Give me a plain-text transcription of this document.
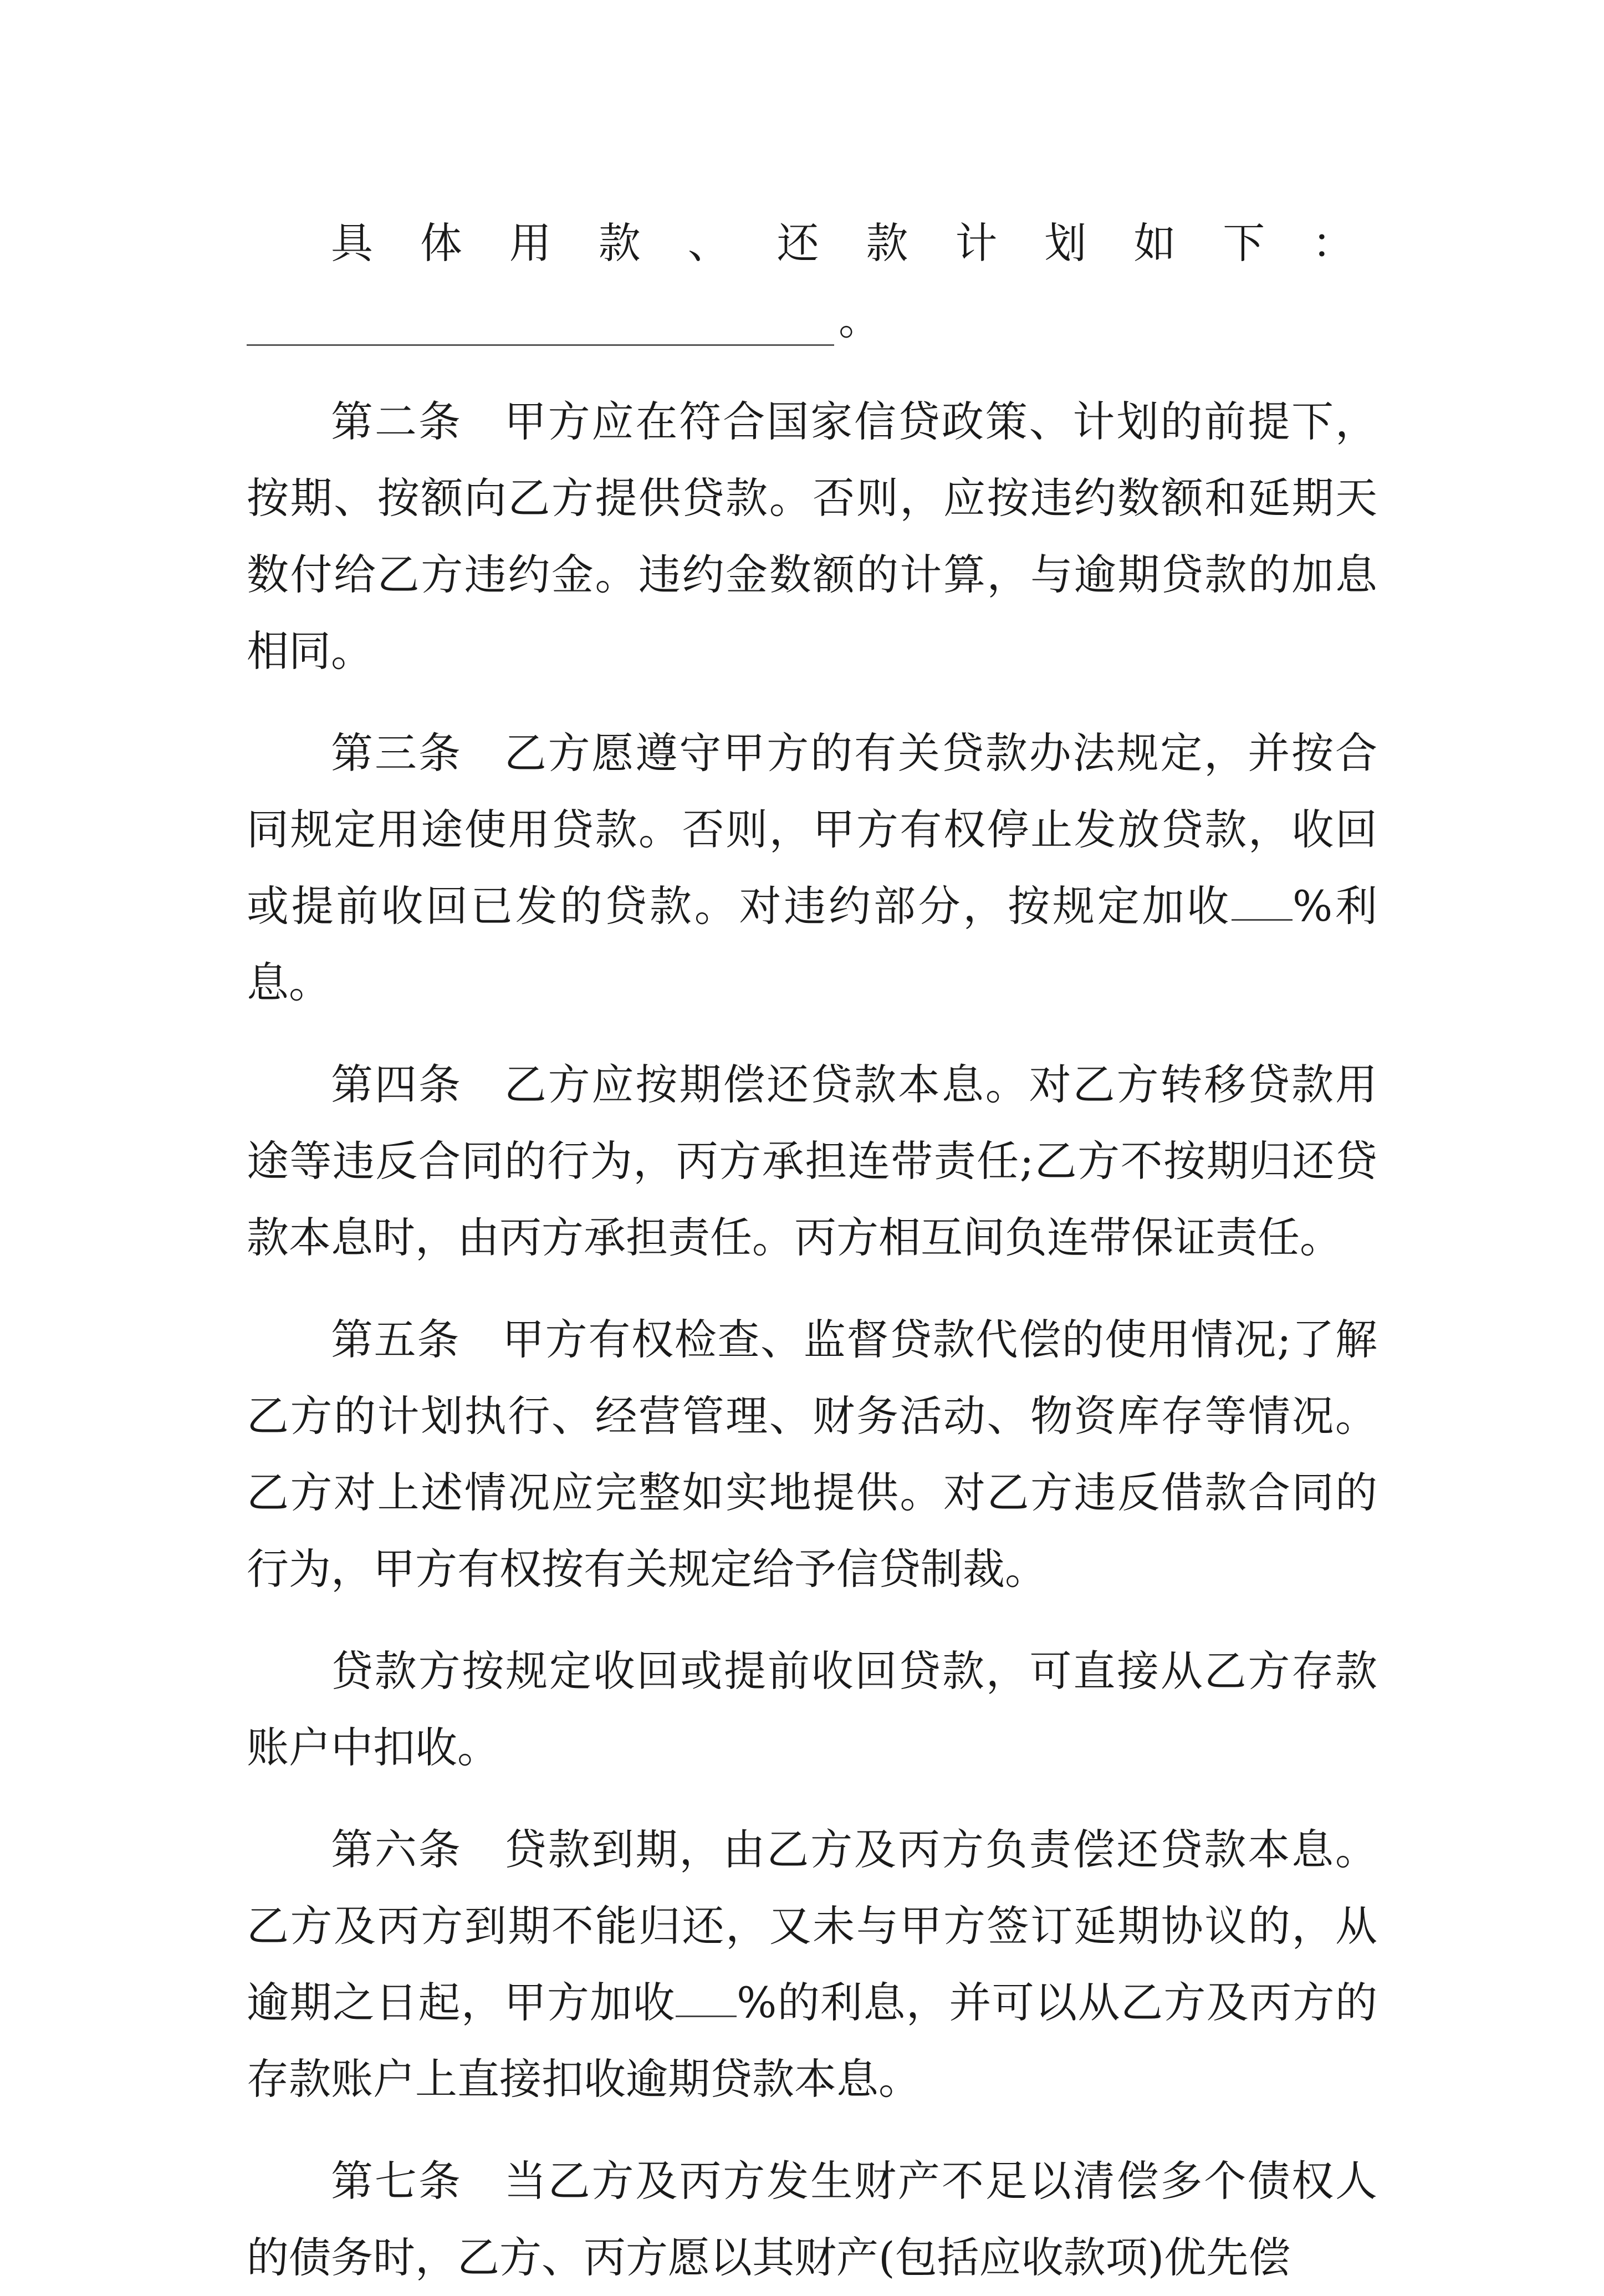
具体用款、还款计划如下：

。

第二条 甲方应在符合国家信贷政策、计划的前提下，按期、按额向乙方提供贷款。否则，应按违约数额和延期天数付给乙方违约金。违约金数额的计算，与逾期贷款的加息相同。

第三条 乙方愿遵守甲方的有关贷款办法规定，并按合同规定用途使用贷款。否则，甲方有权停止发放贷款，收回或提前收回已发的贷款。对违约部分，按规定加收 %利息。

第四条 乙方应按期偿还贷款本息。对乙方转移贷款用途等违反合同的行为，丙方承担连带责任;乙方不按期归还贷款本息时，由丙方承担责任。丙方相互间负连带保证责任。

第五条 甲方有权检查、监督贷款代偿的使用情况;了解乙方的计划执行、经营管理、财务活动、物资库存等情况。乙方对上述情况应完整如实地提供。对乙方违反借款合同的行为，甲方有权按有关规定给予信贷制裁。

贷款方按规定收回或提前收回贷款，可直接从乙方存款账户中扣收。

第六条 贷款到期，由乙方及丙方负责偿还贷款本息。乙方及丙方到期不能归还，又未与甲方签订延期协议的，从逾期之日起，甲方加收 %的利息，并可以从乙方及丙方的存款账户上直接扣收逾期贷款本息。

第七条 当乙方及丙方发生财产不足以清偿多个债权人的债务时，乙方、丙方愿以其财产(包括应收款项)优先偿
